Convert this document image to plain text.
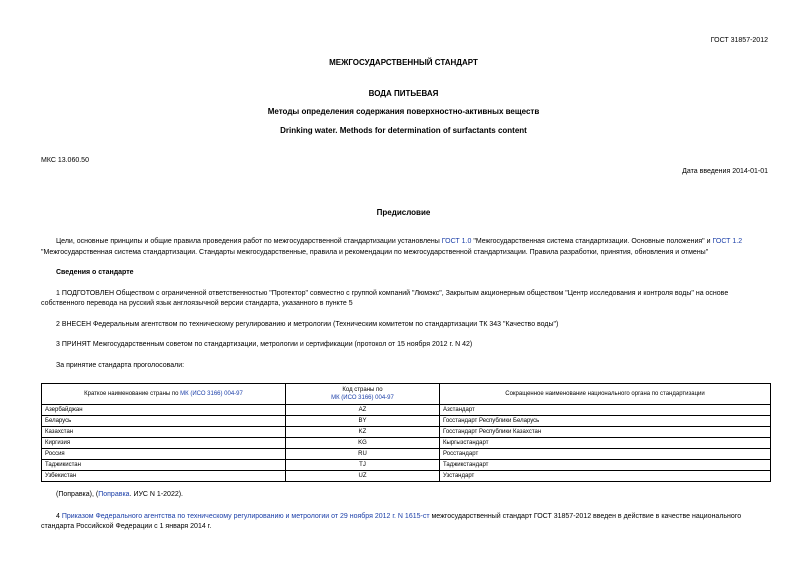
ГОСТ 31857-2012
МЕЖГОСУДАРСТВЕННЫЙ СТАНДАРТ
ВОДА ПИТЬЕВАЯ
Методы определения содержания поверхностно-активных веществ
Drinking water. Methods for determination of surfactants content
МКС 13.060.50
Дата введения 2014-01-01
Предисловие
Цели, основные принципы и общие правила проведения работ по межгосударственной стандартизации установлены ГОСТ 1.0 "Межгосударственная система стандартизации. Основные положения" и ГОСТ 1.2
"Межгосударственная система стандартизации. Стандарты межгосударственные, правила и рекомендации по межгосударственной стандартизации. Правила разработки, принятия, обновления и отмены"
Сведения о стандарте
1 ПОДГОТОВЛЕН Обществом с ограниченной ответственностью "Протектор" совместно с группой компаний "Люмэкс", Закрытым акционерным обществом "Центр исследования и контроля воды" на основе
собственного перевода на русский язык англоязычной версии стандарта, указанного в пункте 5
2 ВНЕСЕН Федеральным агентством по техническому регулированию и метрологии (Техническим комитетом по стандартизации ТК 343 "Качество воды")
3 ПРИНЯТ Межгосударственным советом по стандартизации, метрологии и сертификации (протокол от 15 ноября 2012 г. N 42)
За принятие стандарта проголосовали:
Краткое наименование страны по МК (ИСО 3166) 004-97	Код страны по
МК (ИСО 3166) 004-97	Сокращенное наименование национального органа по стандартизации
Азербайджан	AZ	Азстандарт
Беларусь	BY	Госстандарт Республики Беларусь
Казахстан	KZ	Госстандарт Республики Казахстан
Киргизия	KG	Кыргызстандарт
Россия	RU	Росстандарт
Таджикистан	TJ	Таджикстандарт
Узбекистан	UZ	Узстандарт
(Поправка), (Поправка. ИУС N 1-2022).
4 Приказом Федерального агентства по техническому регулированию и метрологии от 29 ноября 2012 г. N 1615-ст межгосударственный стандарт ГОСТ 31857-2012 введен в действие в качестве национального
стандарта Российской Федерации с 1 января 2014 г.
